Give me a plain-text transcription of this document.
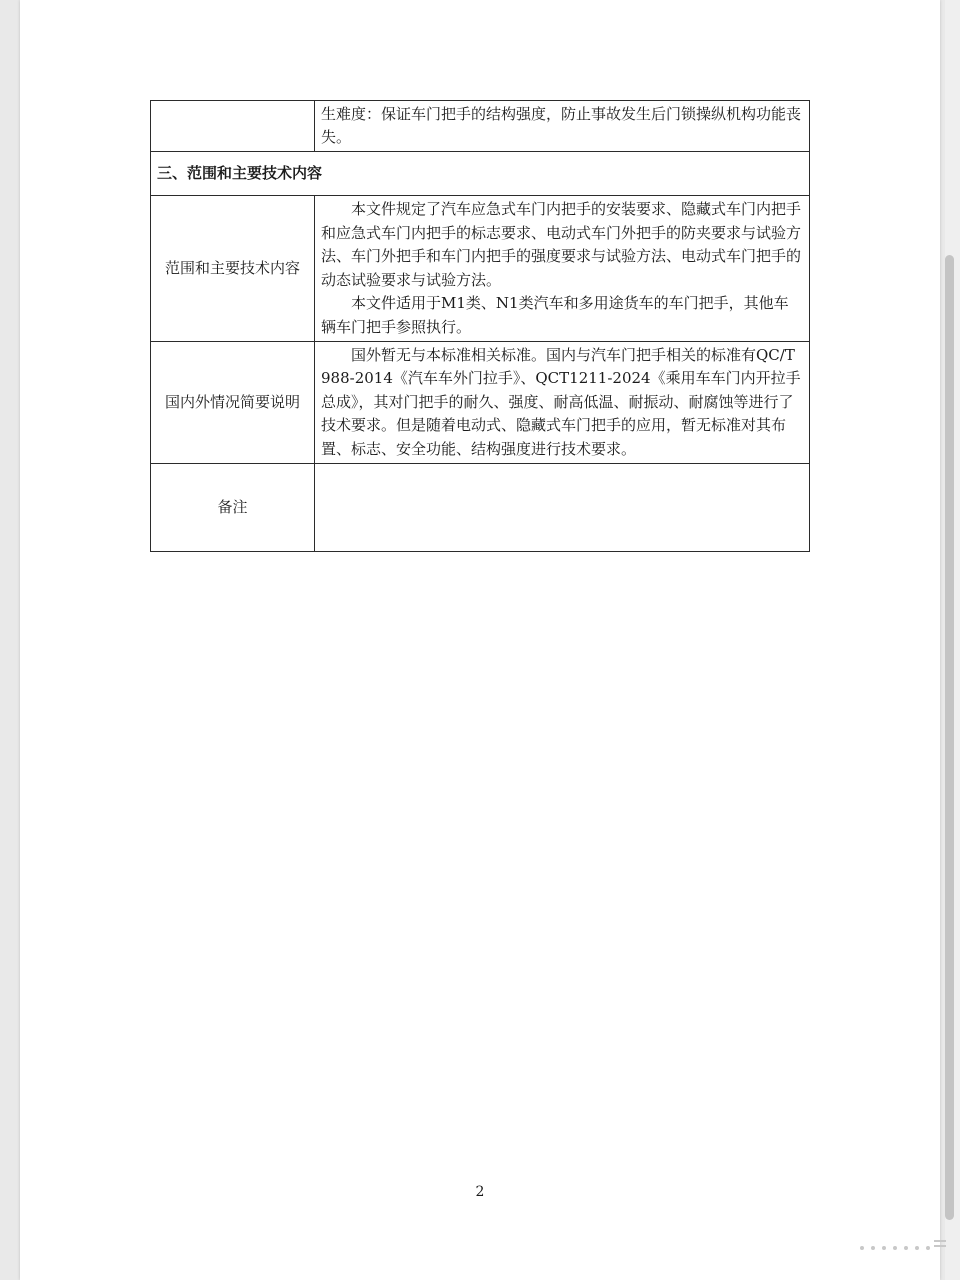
	生难度：保证车门把手的结构强度，防止事故发生后门锁操纵机构功能丧失。
三、范围和主要技术内容	
范围和主要技术内容	本文件规定了汽车应急式车门内把手的安装要求、隐藏式车门内把手和应急式车门内把手的标志要求、电动式车门外把手的防夹要求与试验方法、车门外把手和车门内把手的强度要求与试验方法、电动式车门把手的动态试验要求与试验方法。

本文件适用于M1类、N1类汽车和多用途货车的车门把手，其他车辆车门把手参照执行。

国内外情况简要说明	国外暂无与本标准相关标准。国内与汽车门把手相关的标准有QC/T 988-2014《汽车车外门拉手》、QCT1211-2024《乘用车车门内开拉手总成》，其对门把手的耐久、强度、耐高低温、耐振动、耐腐蚀等进行了技术要求。但是随着电动式、隐藏式车门把手的应用，暂无标准对其布置、标志、安全功能、结构强度进行技术要求。

备注	
2
